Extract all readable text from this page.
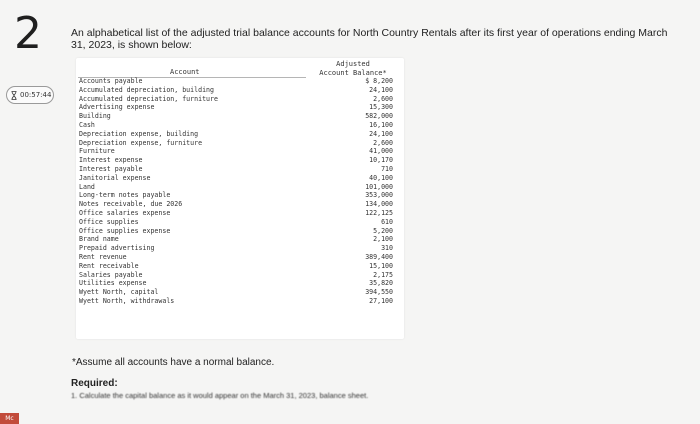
2
00:57:44
An alphabetical list of the adjusted trial balance accounts for North Country Rentals after its first year of operations ending March 31, 2023, is shown below:
Account
Adjusted
Account Balance*
Accounts payable	$ 8,200
Accumulated depreciation, building	24,100
Accumulated depreciation, furniture	2,600
Advertising expense	15,300
Building	582,000
Cash	16,100
Depreciation expense, building	24,100
Depreciation expense, furniture	2,600
Furniture	41,000
Interest expense	10,170
Interest payable	710
Janitorial expense	40,100
Land	101,000
Long-term notes payable	353,000
Notes receivable, due 2026	134,000
Office salaries expense	122,125
Office supplies	610
Office supplies expense	5,200
Brand name	2,100
Prepaid advertising	310
Rent revenue	389,400
Rent receivable	15,100
Salaries payable	2,175
Utilities expense	35,820
Wyett North, capital	394,550
Wyett North, withdrawals	27,100
*Assume all accounts have a normal balance.
Required:
1. Calculate the capital balance as it would appear on the March 31, 2023, balance sheet.
Mc
